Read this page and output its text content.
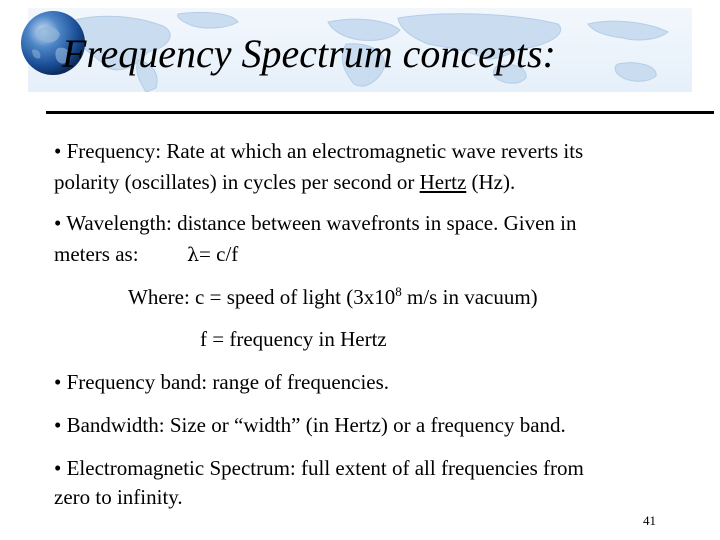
Frequency Spectrum concepts:

• Frequency: Rate at which an electromagnetic wave reverts its

polarity (oscillates) in cycles per second or Hertz (Hz).

• Wavelength: distance between wavefronts in space. Given in

meters as:	λ= c/f

Where: c = speed of light ($3x10^8$ m/s in vacuum)

f = frequency in Hertz

• Frequency band: range of frequencies.

• Bandwidth: Size or “width” (in Hertz) or a frequency band.

• Electromagnetic Spectrum: full extent of all frequencies from

zero to infinity.

41
